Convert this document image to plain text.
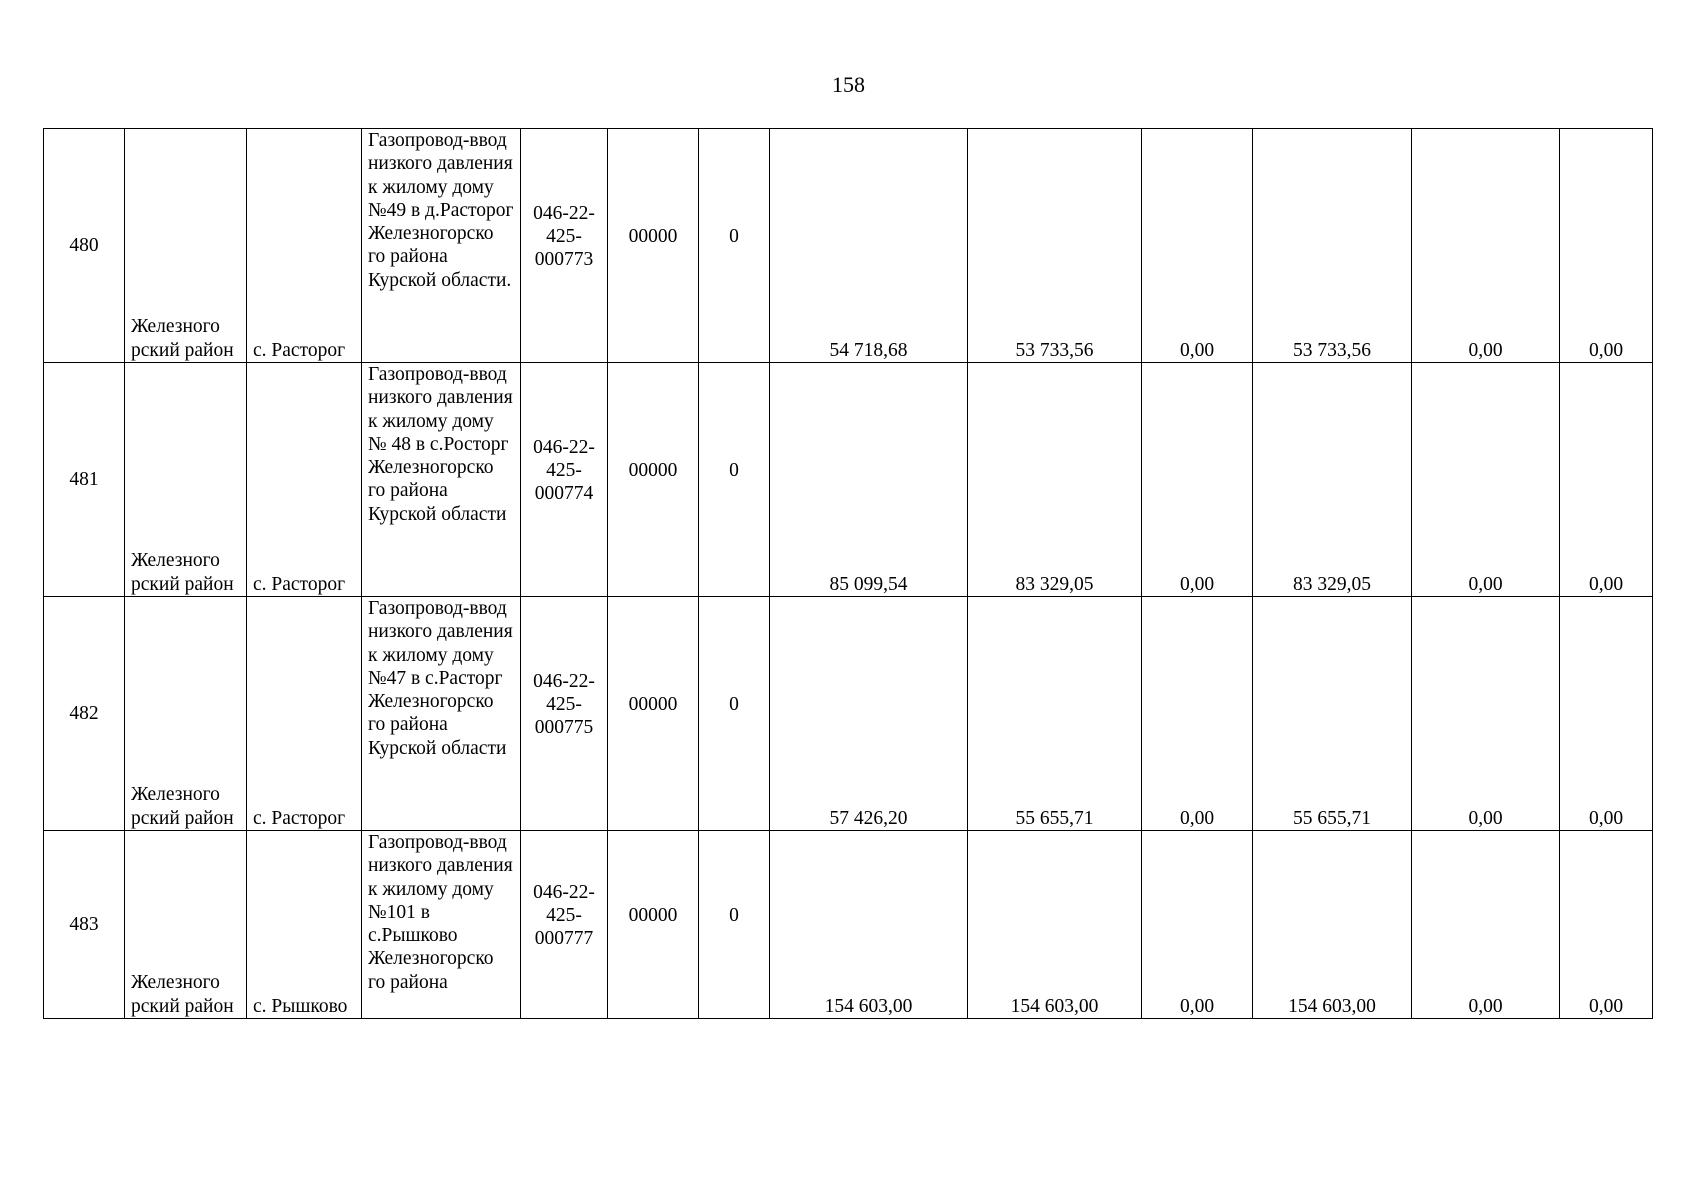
158
480	Железного рский район	с. Расторог	Газопровод-ввод низкого давления к жилому дому №49 в д.Расторог Железногорско го района Курской области.	046-22-425-000773	00000	0	54 718,68	53 733,56	0,00	53 733,56	0,00	0,00

481	Железного рский район	с. Расторог	Газопровод-ввод низкого давления к жилому дому № 48 в с.Росторг Железногорско го района Курской области	046-22-425-000774	00000	0	85 099,54	83 329,05	0,00	83 329,05	0,00	0,00

482	Железного рский район	с. Расторог	Газопровод-ввод низкого давления к жилому дому №47 в с.Расторг Железногорско го района Курской области	046-22-425-000775	00000	0	57 426,20	55 655,71	0,00	55 655,71	0,00	0,00

483	Железного рский район	с. Рышково	Газопровод-ввод низкого давления к жилому дому №101 в с.Рышково Железногорско го района	046-22-425-000777	00000	0	154 603,00	154 603,00	0,00	154 603,00	0,00	0,00
